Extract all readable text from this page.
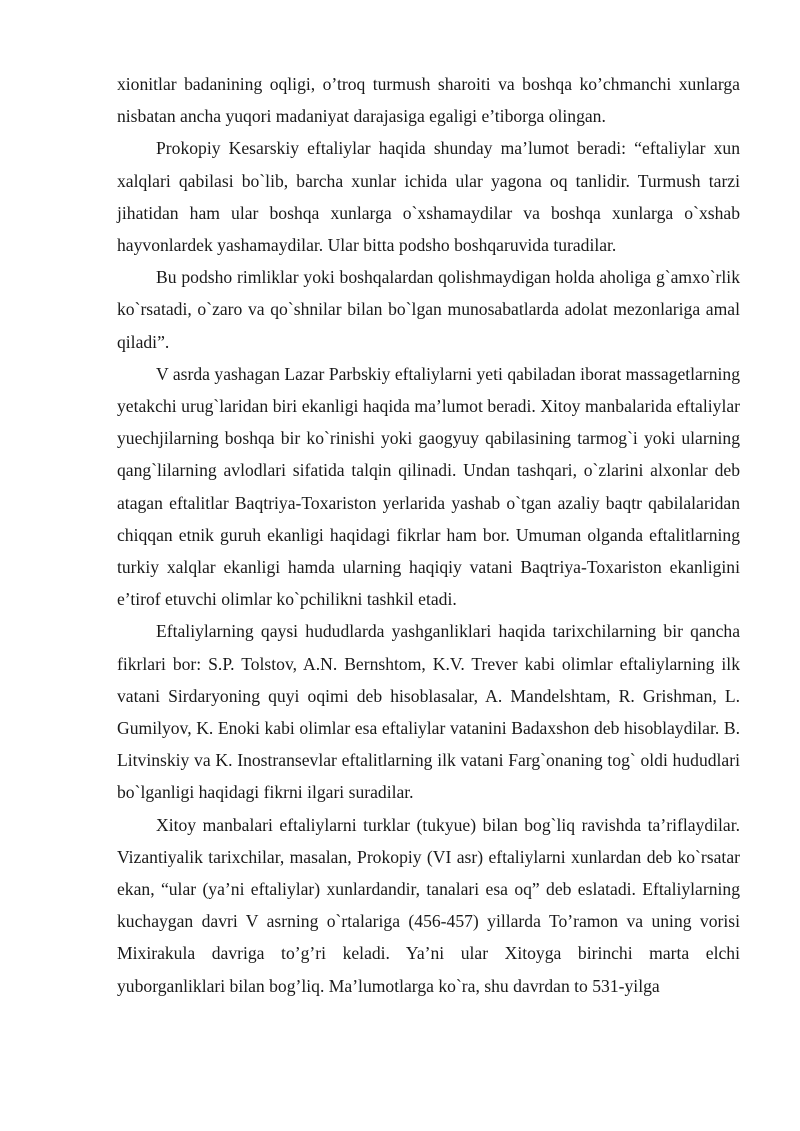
xionitlar badanining oqligi, o’troq turmush sharoiti va boshqa ko’chmanchi xunlarga nisbatan ancha yuqori madaniyat darajasiga egaligi e’tiborga olingan.

Prokopiy Kesarskiy eftaliylar haqida shunday ma’lumot beradi: “eftaliylar xun xalqlari qabilasi bo`lib, barcha xunlar ichida ular yagona oq tanlidir. Turmush tarzi jihatidan ham ular boshqa xunlarga o`xshamaydilar va boshqa xunlarga o`xshab hayvonlardek yashamaydilar. Ular bitta podsho boshqaruvida turadilar.

Bu podsho rimliklar yoki boshqalardan qolishmaydigan holda aholiga g`amxo`rlik ko`rsatadi, o`zaro va qo`shnilar bilan bo`lgan munosabatlarda adolat mezonlariga amal qiladi”.

V asrda yashagan Lazar Parbskiy eftaliylarni yeti qabiladan iborat massagetlarning yetakchi urug`laridan biri ekanligi haqida ma’lumot beradi. Xitoy manbalarida eftaliylar yuechjilarning boshqa bir ko`rinishi yoki gaogyuy qabilasining tarmog`i yoki ularning qang`lilarning avlodlari sifatida talqin qilinadi. Undan tashqari, o`zlarini alxonlar deb atagan eftalitlar Baqtriya-Toxariston yerlarida yashab o`tgan azaliy baqtr qabilalaridan chiqqan etnik guruh ekanligi haqidagi fikrlar ham bor. Umuman olganda eftalitlarning turkiy xalqlar ekanligi hamda ularning haqiqiy vatani Baqtriya-Toxariston ekanligini e’tirof etuvchi olimlar ko`pchilikni tashkil etadi.

Eftaliylarning qaysi hududlarda yashganliklari haqida tarixchilarning bir qancha fikrlari bor: S.P. Tolstov, A.N. Bernshtom, K.V. Trever kabi olimlar eftaliylarning ilk vatani Sirdaryoning quyi oqimi deb hisoblasalar, A. Mandelshtam, R. Grishman, L. Gumilyov, K. Enoki kabi olimlar esa eftaliylar vatanini Badaxshon deb hisoblaydilar. B. Litvinskiy va K. Inostransevlar eftalitlarning ilk vatani Farg`onaning tog` oldi hududlari bo`lganligi haqidagi fikrni ilgari suradilar.

Xitoy manbalari eftaliylarni turklar (tukyue) bilan bog`liq ravishda ta’riflaydilar. Vizantiyalik tarixchilar, masalan, Prokopiy (VI asr) eftaliylarni xunlardan deb ko`rsatar ekan, “ular (ya’ni eftaliylar) xunlardandir, tanalari esa oq” deb eslatadi. Eftaliylarning kuchaygan davri V asrning o`rtalariga (456-457) yillarda To’ramon va uning vorisi Mixirakula davriga to’g’ri keladi. Ya’ni ular Xitoyga birinchi marta elchi yuborganliklari bilan bog’liq. Ma’lumotlarga ko`ra, shu davrdan to 531-yilga
